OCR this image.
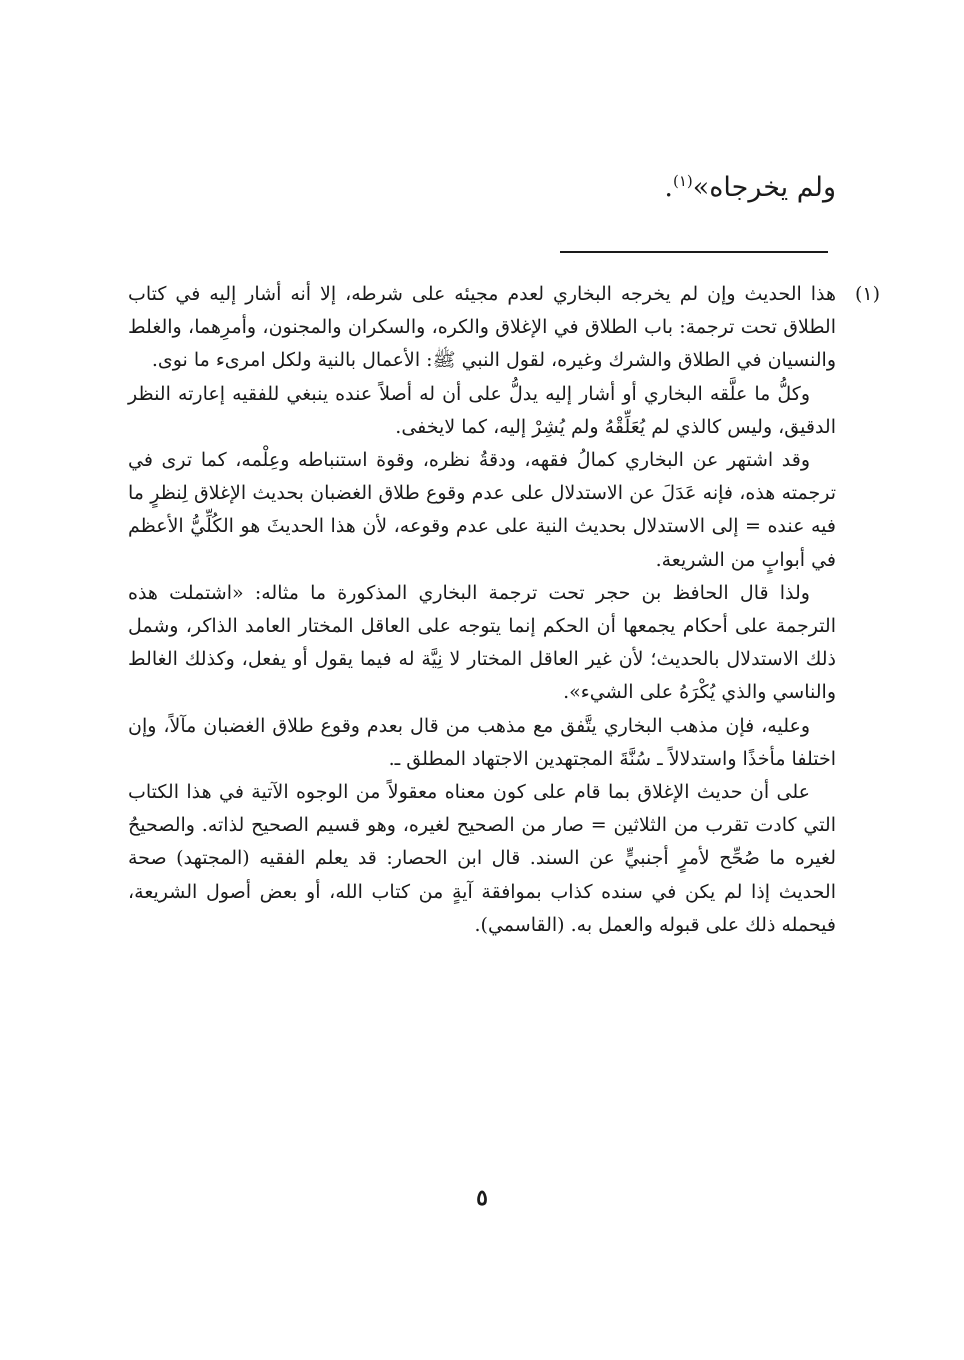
ولم يخرجاه»$^{(١)}$.
(١)

هذا الحديث وإن لم يخرجه البخاري لعدم مجيئه على شرطه، إلا أنه أشار إليه في كتاب الطلاق تحت ترجمة: باب الطلاق في الإغلاق والكره، والسكران والمجنون، وأمرِهما، والغلط والنسيان في الطلاق والشرك وغيره، لقول النبي ﷺ: الأعمال بالنية ولكل امرىء ما نوى.

وكلُّ ما علَّقه البخاري أو أشار إليه يدلُّ على أن له أصلاً عنده ينبغي للفقيه إعارته النظر الدقيق، وليس كالذي لم يُعَلِّقْهُ ولم يُشِرْ إليه، كما لايخفى.

وقد اشتهر عن البخاري كمالُ فقهه، ودقةُ نظره، وقوة استنباطه وعِلْمه، كما ترى في ترجمته هذه، فإنه عَدَلَ عن الاستدلال على عدم وقوع طلاق الغضبان بحديث الإغلاق لِنظرٍ ما فيه عنده = إلى الاستدلال بحديث النية على عدم وقوعه، لأن هذا الحديثَ هو الكُلِّيُّ الأعظم في أبوابٍ من الشريعة.

ولذا قال الحافظ بن حجر تحت ترجمة البخاري المذكورة ما مثاله: «اشتملت هذه الترجمة على أحكام يجمعها أن الحكم إنما يتوجه على العاقل المختار العامد الذاكر، وشمل ذلك الاستدلال بالحديث؛ لأن غير العاقل المختار لا نِيَّة له فيما يقول أو يفعل، وكذلك الغالط والناسي والذي يُكْرَهُ على الشيء».

وعليه، فإن مذهب البخاري يتَّفق مع مذهب من قال بعدم وقوع طلاق الغضبان مآلاً، وإن اختلفا مأخذًا واستدلالاً ـ سُنَّةَ المجتهدين الاجتهاد المطلق ـ.

على أن حديث الإغلاق بما قام على كون معناه معقولاً من الوجوه الآتية في هذا الكتاب التي كادت تقرب من الثلاثين = صار من الصحيح لغيره، وهو قسيم الصحيح لذاته. والصحيحُ لغيره ما صُحِّح لأمرٍ أجنبيٍّ عن السند. قال ابن الحصار: قد يعلم الفقيه (المجتهد) صحة الحديث إذا لم يكن في سنده كذاب بموافقة آيةٍ من كتاب الله، أو بعض أصول الشريعة، فيحمله ذلك على قبوله والعمل به. (القاسمي).

٥
